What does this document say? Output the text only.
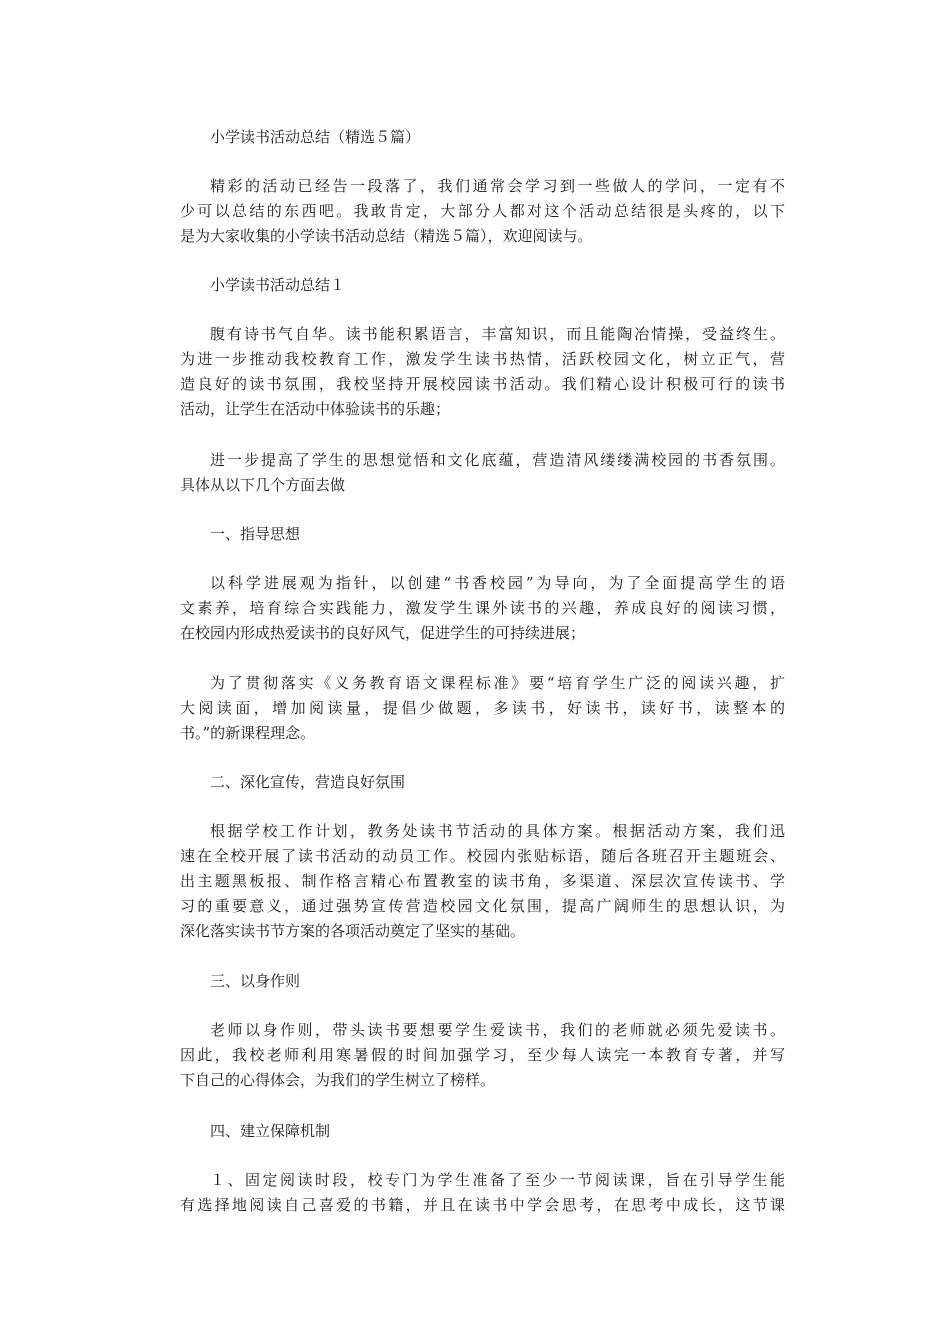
小学读书活动总结（精选５篇）
精彩的活动已经告一段落了，我们通常会学习到一些做人的学问，一定有不
少可以总结的东西吧。我敢肯定，大部分人都对这个活动总结很是头疼的，以下
是为大家收集的小学读书活动总结（精选５篇），欢迎阅读与。
小学读书活动总结１
腹有诗书气自华。读书能积累语言，丰富知识，而且能陶冶情操，受益终生。
为进一步推动我校教育工作，激发学生读书热情，活跃校园文化，树立正气，营
造良好的读书氛围，我校坚持开展校园读书活动。我们精心设计积极可行的读书
活动，让学生在活动中体验读书的乐趣；
进一步提高了学生的思想觉悟和文化底蕴，营造清风缕缕满校园的书香氛围。
具体从以下几个方面去做
一、指导思想
以科学进展观为指针，以创建“书香校园”为导向，为了全面提高学生的语
文素养，培育综合实践能力，激发学生课外读书的兴趣，养成良好的阅读习惯，
在校园内形成热爱读书的良好风气，促进学生的可持续进展；
为了贯彻落实《义务教育语文课程标准》要“培育学生广泛的阅读兴趣，扩
大阅读面，增加阅读量，提倡少做题，多读书，好读书，读好书，读整本的
书。”的新课程理念。
二、深化宣传，营造良好氛围
根据学校工作计划，教务处读书节活动的具体方案。根据活动方案，我们迅
速在全校开展了读书活动的动员工作。校园内张贴标语，随后各班召开主题班会、
出主题黑板报、制作格言精心布置教室的读书角，多渠道、深层次宣传读书、学
习的重要意义，通过强势宣传营造校园文化氛围，提高广阔师生的思想认识，为
深化落实读书节方案的各项活动奠定了坚实的基础。
三、以身作则
老师以身作则，带头读书要想要学生爱读书，我们的老师就必须先爱读书。
因此，我校老师利用寒暑假的时间加强学习，至少每人读完一本教育专著，并写
下自己的心得体会，为我们的学生树立了榜样。
四、建立保障机制
１、固定阅读时段，校专门为学生准备了至少一节阅读课，旨在引导学生能
有选择地阅读自己喜爱的书籍，并且在读书中学会思考，在思考中成长，这节课
